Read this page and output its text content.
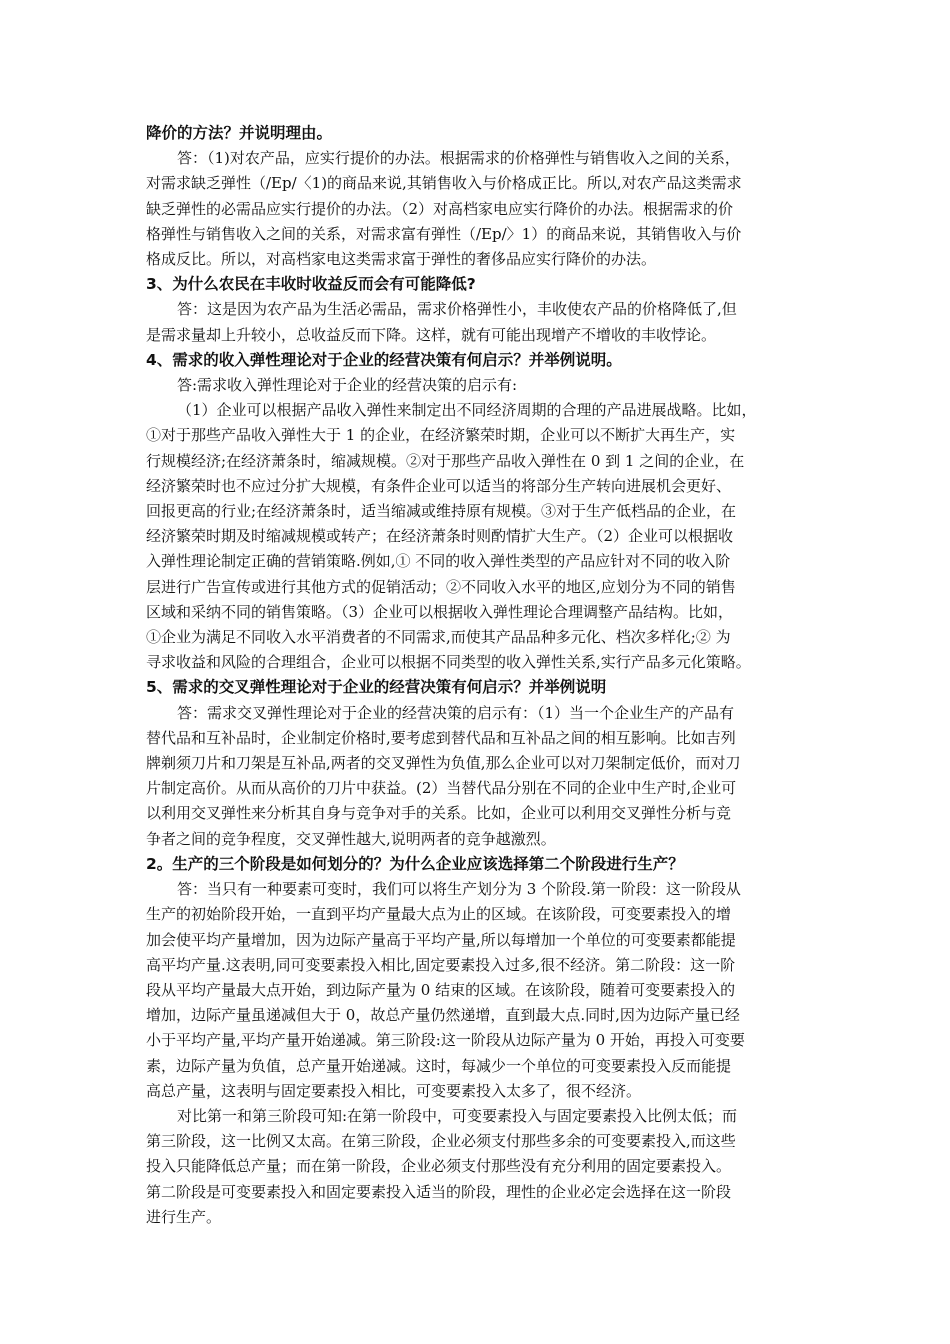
降价的方法？并说明理由。
答：（1)对农产品，应实行提价的办法。根据需求的价格弹性与销售收入之间的关系，
对需求缺乏弹性（/Ep/〈1)的商品来说,其销售收入与价格成正比。所以,对农产品这类需求
缺乏弹性的必需品应实行提价的办法。（2）对高档家电应实行降价的办法。根据需求的价
格弹性与销售收入之间的关系，对需求富有弹性（/Ep/〉1）的商品来说，其销售收入与价
格成反比。所以，对高档家电这类需求富于弹性的奢侈品应实行降价的办法。
3、为什么农民在丰收时收益反而会有可能降低?
答：这是因为农产品为生活必需品，需求价格弹性小，丰收使农产品的价格降低了,但
是需求量却上升较小，总收益反而下降。这样，就有可能出现增产不增收的丰收悖论。
4、需求的收入弹性理论对于企业的经营决策有何启示？并举例说明。
答:需求收入弹性理论对于企业的经营决策的启示有:
（1）企业可以根据产品收入弹性来制定出不同经济周期的合理的产品进展战略。比如，
①对于那些产品收入弹性大于 1 的企业，在经济繁荣时期，企业可以不断扩大再生产，实
行规模经济;在经济萧条时，缩减规模。②对于那些产品收入弹性在 0 到 1 之间的企业，在
经济繁荣时也不应过分扩大规模，有条件企业可以适当的将部分生产转向进展机会更好、
回报更高的行业;在经济萧条时，适当缩减或维持原有规模。③对于生产低档品的企业，在
经济繁荣时期及时缩减规模或转产；在经济萧条时则酌情扩大生产。（2）企业可以根据收
入弹性理论制定正确的营销策略.例如,① 不同的收入弹性类型的产品应针对不同的收入阶
层进行广告宣传或进行其他方式的促销活动；②不同收入水平的地区,应划分为不同的销售
区域和采纳不同的销售策略。（3）企业可以根据收入弹性理论合理调整产品结构。比如，
①企业为满足不同收入水平消费者的不同需求,而使其产品品种多元化、档次多样化;② 为
寻求收益和风险的合理组合，企业可以根据不同类型的收入弹性关系,实行产品多元化策略。
5、需求的交叉弹性理论对于企业的经营决策有何启示？并举例说明
答：需求交叉弹性理论对于企业的经营决策的启示有：（1）当一个企业生产的产品有
替代品和互补品时，企业制定价格时,要考虑到替代品和互补品之间的相互影响。比如吉列
牌剃须刀片和刀架是互补品,两者的交叉弹性为负值,那么企业可以对刀架制定低价，而对刀
片制定高价。从而从高价的刀片中获益。(2）当替代品分别在不同的企业中生产时,企业可
以利用交叉弹性来分析其自身与竞争对手的关系。比如，企业可以利用交叉弹性分析与竞
争者之间的竞争程度，交叉弹性越大,说明两者的竞争越激烈。
2。生产的三个阶段是如何划分的？为什么企业应该选择第二个阶段进行生产？
答：当只有一种要素可变时，我们可以将生产划分为 3 个阶段.第一阶段：这一阶段从
生产的初始阶段开始，一直到平均产量最大点为止的区域。在该阶段，可变要素投入的增
加会使平均产量增加，因为边际产量高于平均产量,所以每增加一个单位的可变要素都能提
高平均产量.这表明,同可变要素投入相比,固定要素投入过多,很不经济。第二阶段：这一阶
段从平均产量最大点开始，到边际产量为 0 结束的区域。在该阶段，随着可变要素投入的
增加，边际产量虽递减但大于 0，故总产量仍然递增，直到最大点.同时,因为边际产量已经
小于平均产量,平均产量开始递减。第三阶段:这一阶段从边际产量为 0 开始，再投入可变要
素，边际产量为负值，总产量开始递减。这时，每减少一个单位的可变要素投入反而能提
高总产量，这表明与固定要素投入相比，可变要素投入太多了，很不经济。
对比第一和第三阶段可知:在第一阶段中，可变要素投入与固定要素投入比例太低；而
第三阶段，这一比例又太高。在第三阶段，企业必须支付那些多余的可变要素投入,而这些
投入只能降低总产量；而在第一阶段，企业必须支付那些没有充分利用的固定要素投入。
第二阶段是可变要素投入和固定要素投入适当的阶段，理性的企业必定会选择在这一阶段
进行生产。
